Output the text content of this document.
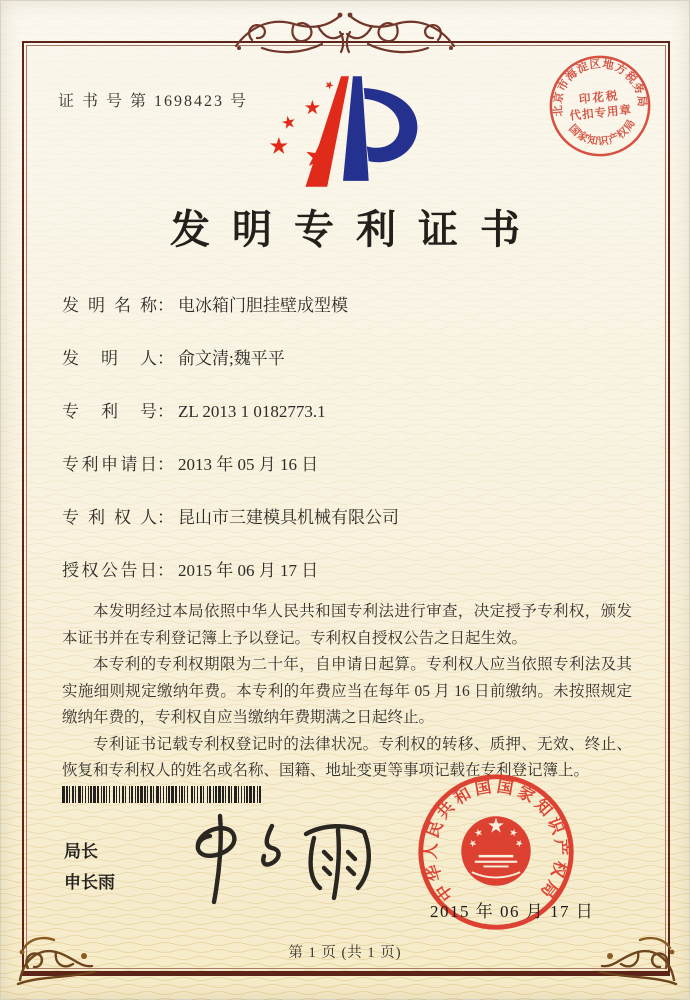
证 书 号 第 1698423 号
北京市海淀区地方税务局
国家知识产权局
印花税
代扣专用章
发明专利证书
发明名称： 电冰箱门胆挂壁成型模
发明人： 俞文清;魏平平
专利号： ZL 2013 1 0182773.1
专利申请日： 2013 年 05 月 16 日
专利权人： 昆山市三建模具机械有限公司
授权公告日： 2015 年 06 月 17 日

本发明经过本局依照中华人民共和国专利法进行审查，决定授予专利权，颁发本证书并在专利登记簿上予以登记。专利权自授权公告之日起生效。

本专利的专利权期限为二十年，自申请日起算。专利权人应当依照专利法及其实施细则规定缴纳年费。本专利的年费应当在每年 05 月 16 日前缴纳。未按照规定缴纳年费的，专利权自应当缴纳年费期满之日起终止。

专利证书记载专利权登记时的法律状况。专利权的转移、质押、无效、终止、恢复和专利权人的姓名或名称、国籍、地址变更等事项记载在专利登记簿上。

局长
申长雨	中华人民共和国国家知识产权局
2015 年 06 月 17 日
第 1 页 (共 1 页)
